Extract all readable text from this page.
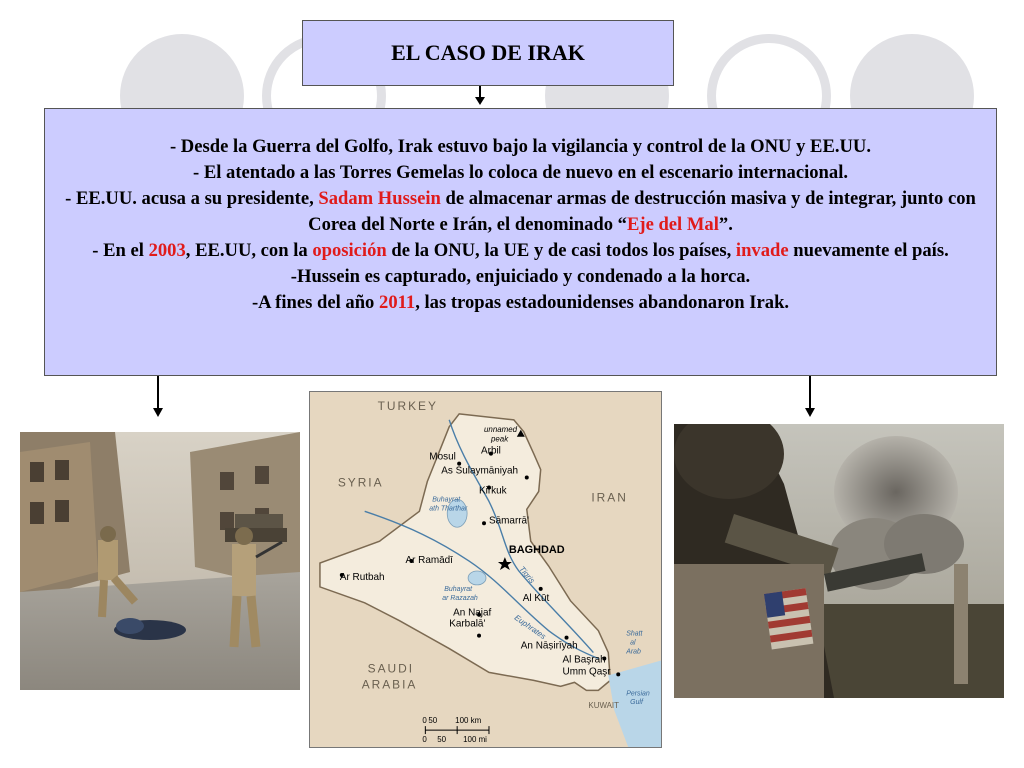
EL CASO DE IRAK
- Desde la Guerra del Golfo, Irak estuvo bajo la vigilancia y control de la ONU y EE.UU.
- El atentado a las Torres Gemelas lo coloca de nuevo en el escenario internacional.
- EE.UU. acusa a su presidente, Sadam Hussein de almacenar armas de destrucción masiva y de integrar, junto con Corea del Norte e Irán, el denominado “Eje del Mal”.
- En el 2003, EE.UU, con la oposición de la ONU, la UE y de casi todos los países, invade nuevamente el país.
-Hussein es capturado, enjuiciado y condenado a la horca.
-A fines del año 2011, las tropas estadounidenses abandonaron Irak.
TURKEY
SYRIA
IRAN
SAUDI
ARABIA
KUWAIT
unnamed
peak
Buhayrat
ath Tharthar
Buhayrat
ar Razazah
Tigris
Euphrates	Shatt
al
Arab
Persian
Gulf
Mosul
Arbil
As Sulaymāniyah
Kirkuk
Sāmarrā'
BAGHDAD
Ar Ramādī
Ar Rutbah
Karbalā'
Al Kūt
An Najaf
An Nāṣirīyah
Al Başrah
Umm Qaşr
0 50 100 km
0 50 100 mi
